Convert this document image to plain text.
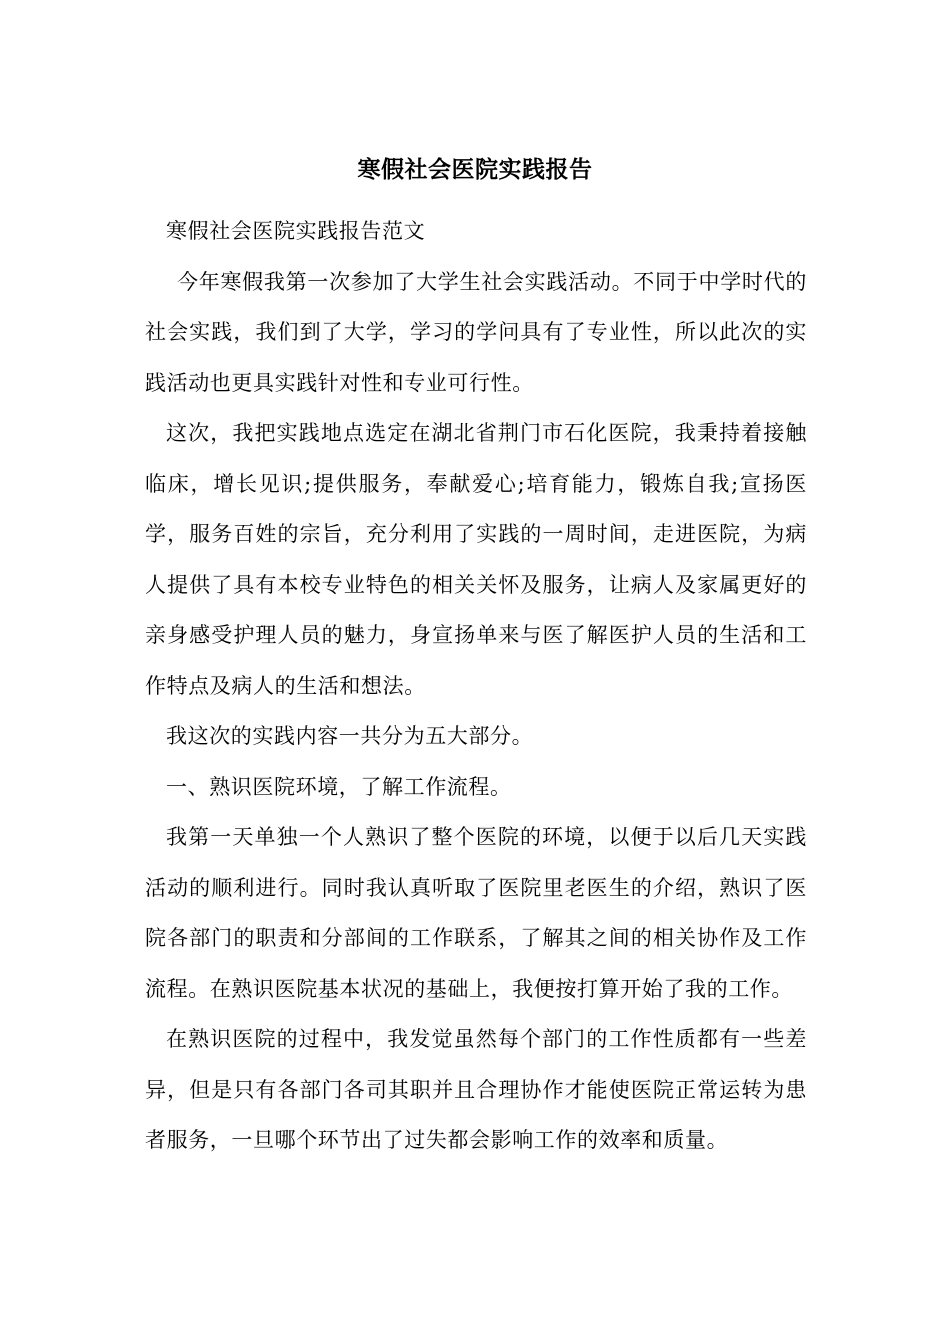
寒假社会医院实践报告

寒假社会医院实践报告范文

今年寒假我第一次参加了大学生社会实践活动。不同于中学时代的社会实践，我们到了大学，学习的学问具有了专业性，所以此次的实践活动也更具实践针对性和专业可行性。

这次，我把实践地点选定在湖北省荆门市石化医院，我秉持着接触临床，增长见识;提供服务，奉献爱心;培育能力，锻炼自我;宣扬医学，服务百姓的宗旨，充分利用了实践的一周时间，走进医院，为病人提供了具有本校专业特色的相关关怀及服务，让病人及家属更好的亲身感受护理人员的魅力，身宣扬单来与医了解医护人员的生活和工作特点及病人的生活和想法。

我这次的实践内容一共分为五大部分。

一、熟识医院环境，了解工作流程。

我第一天单独一个人熟识了整个医院的环境，以便于以后几天实践活动的顺利进行。同时我认真听取了医院里老医生的介绍，熟识了医院各部门的职责和分部间的工作联系，了解其之间的相关协作及工作流程。在熟识医院基本状况的基础上，我便按打算开始了我的工作。

在熟识医院的过程中，我发觉虽然每个部门的工作性质都有一些差异，但是只有各部门各司其职并且合理协作才能使医院正常运转为患者服务，一旦哪个环节出了过失都会影响工作的效率和质量。
